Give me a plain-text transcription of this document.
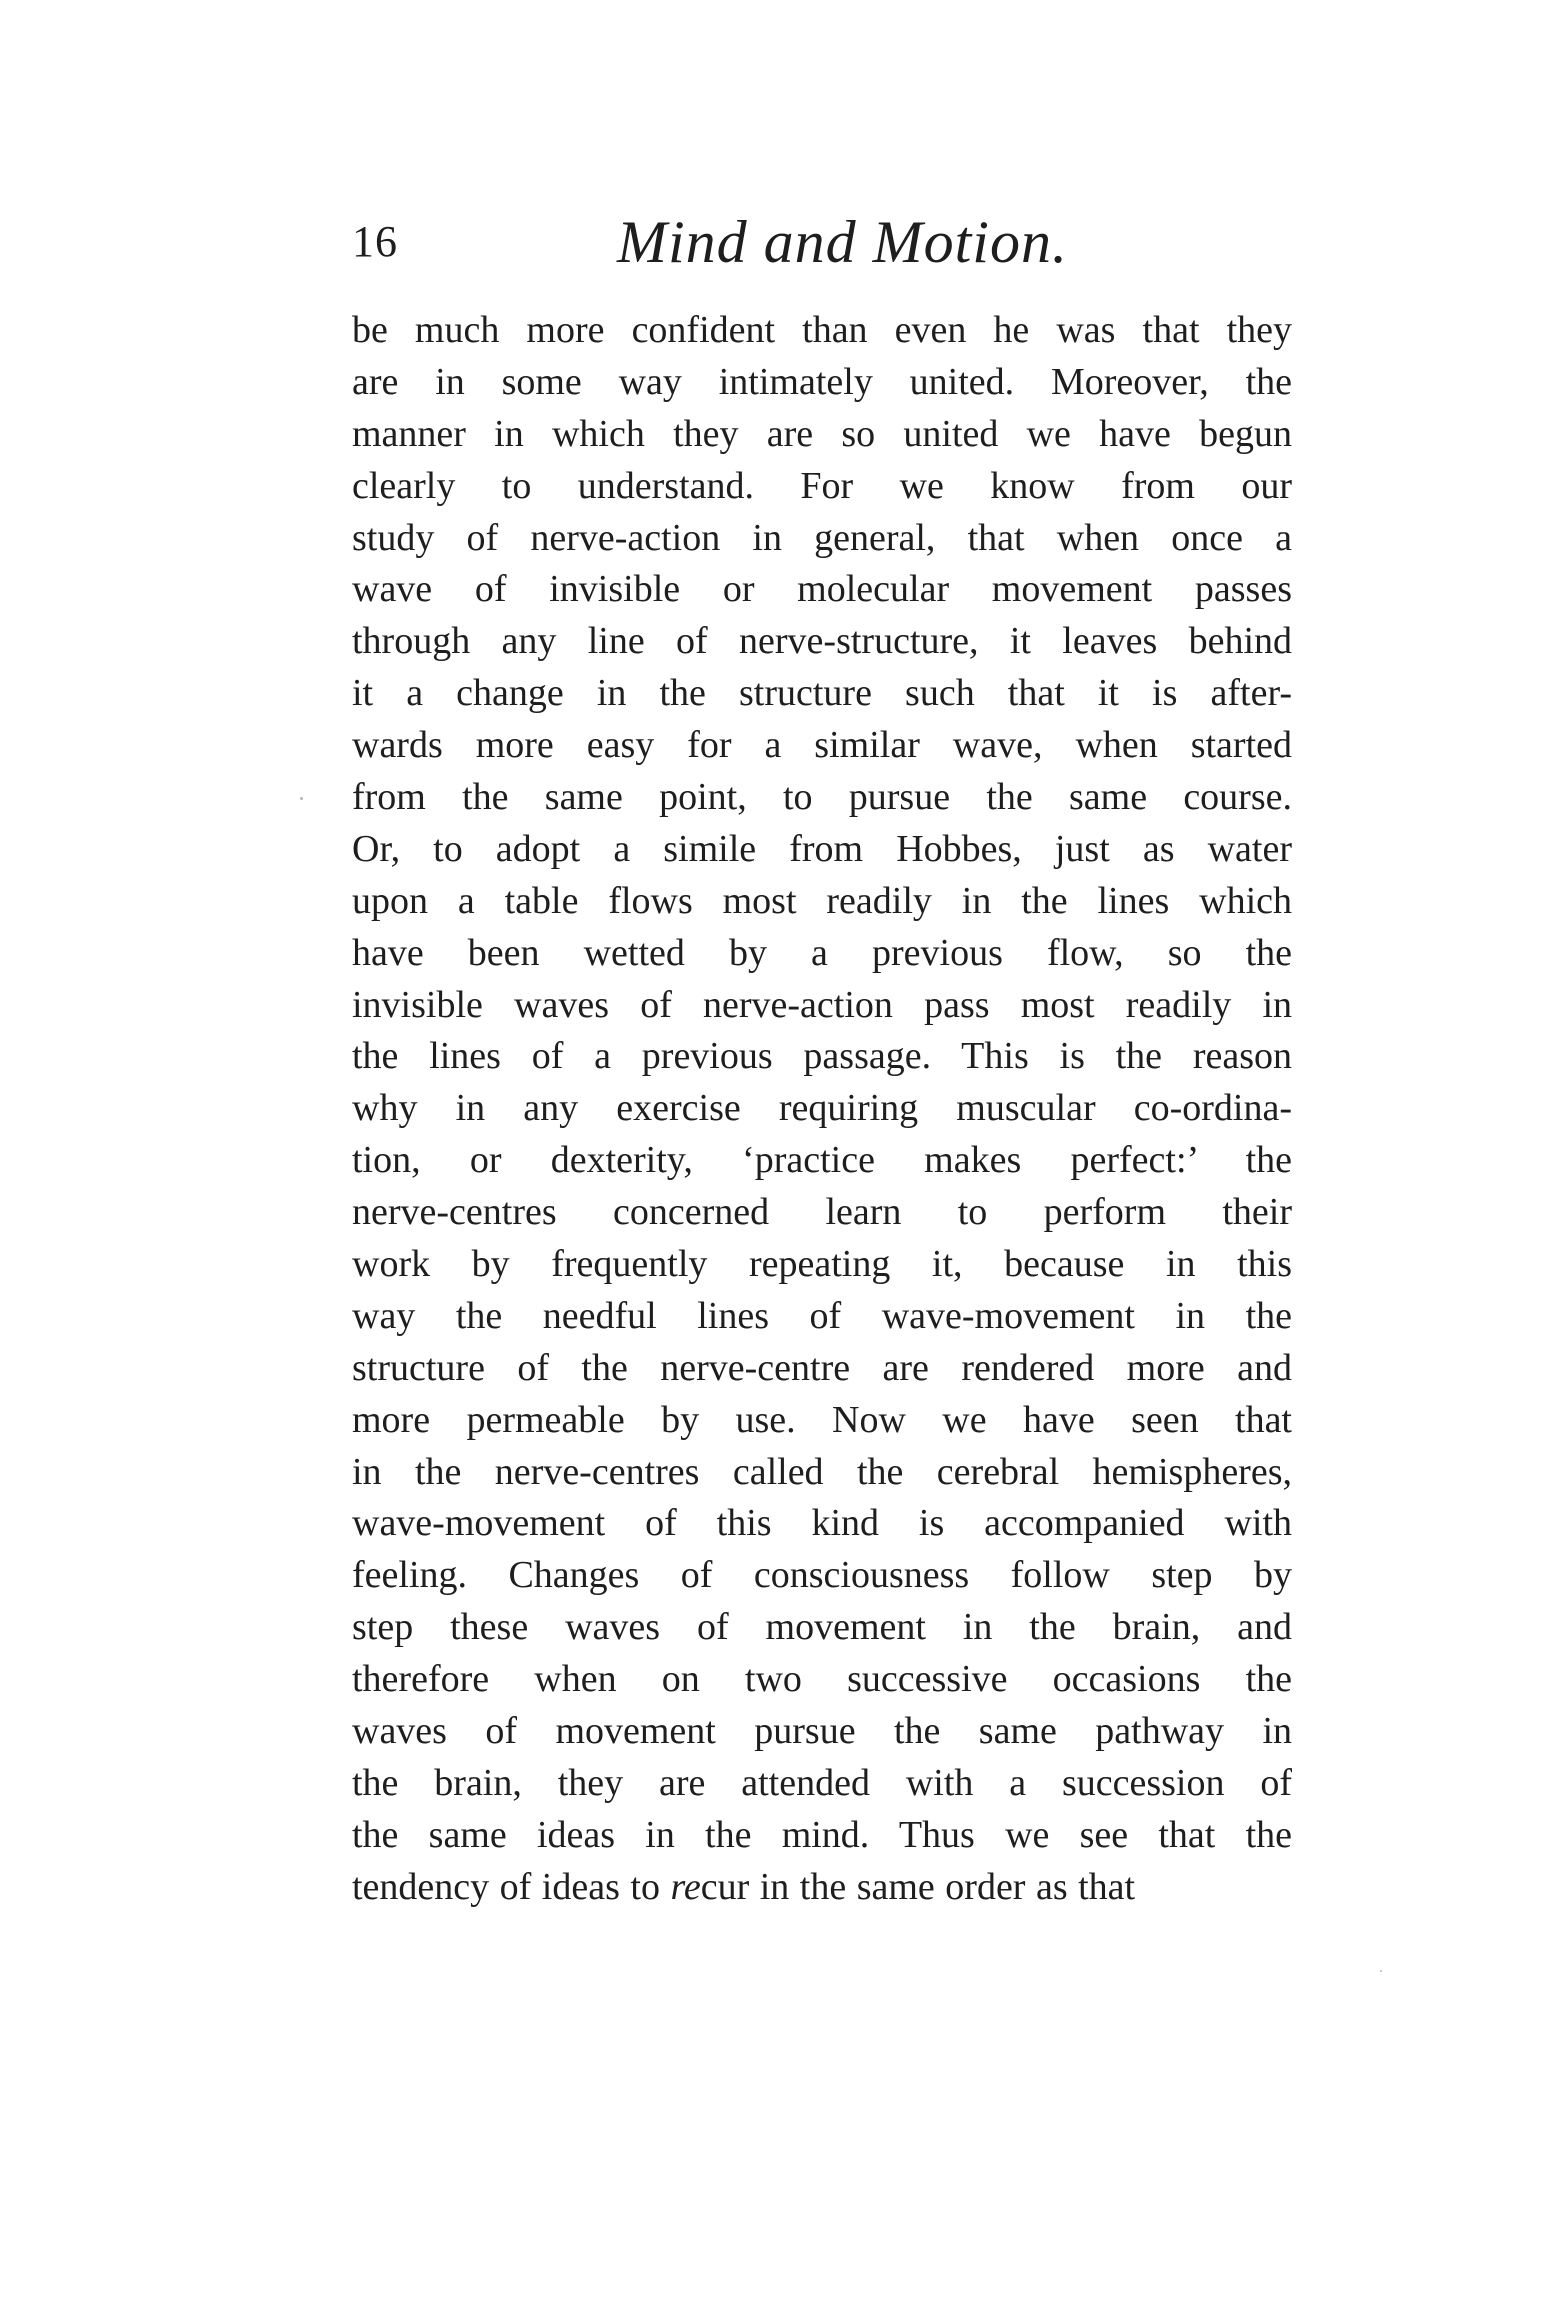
16	Mind and Motion.
be much more confident than even he was that they
are in some way intimately united. Moreover, the
manner in which they are so united we have begun
clearly to understand. For we know from our
study of nerve-action in general, that when once a
wave of invisible or molecular movement passes
through any line of nerve-structure, it leaves behind
it a change in the structure such that it is after-
wards more easy for a similar wave, when started
from the same point, to pursue the same course.
Or, to adopt a simile from Hobbes, just as water
upon a table flows most readily in the lines which
have been wetted by a previous flow, so the
invisible waves of nerve-action pass most readily in
the lines of a previous passage. This is the reason
why in any exercise requiring muscular co-ordina-
tion, or dexterity, ‘practice makes perfect:’ the
nerve-centres concerned learn to perform their
work by frequently repeating it, because in this
way the needful lines of wave-movement in the
structure of the nerve-centre are rendered more and
more permeable by use. Now we have seen that
in the nerve-centres called the cerebral hemispheres,
wave-movement of this kind is accompanied with
feeling. Changes of consciousness follow step by
step these waves of movement in the brain, and
therefore when on two successive occasions the
waves of movement pursue the same pathway in
the brain, they are attended with a succession of
the same ideas in the mind. Thus we see that the
tendency of ideas to recur in the same order as that
